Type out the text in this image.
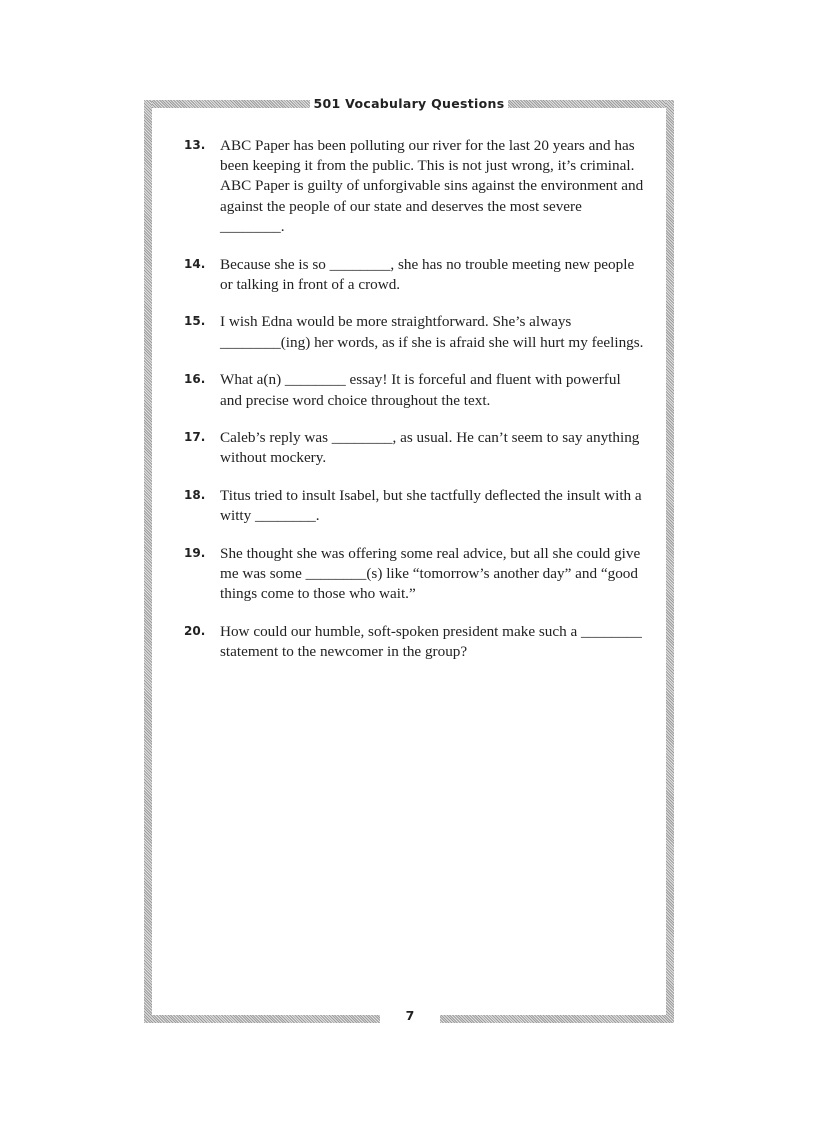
501 Vocabulary Questions
13. ABC Paper has been polluting our river for the last 20 years and has been keeping it from the public. This is not just wrong, it’s criminal. ABC Paper is guilty of unforgivable sins against the environment and against the people of our state and deserves the most severe ________.
14. Because she is so ________, she has no trouble meeting new people or talking in front of a crowd.
15. I wish Edna would be more straightforward. She’s always ________(ing) her words, as if she is afraid she will hurt my feelings.
16. What a(n) ________ essay! It is forceful and fluent with powerful and precise word choice throughout the text.
17. Caleb’s reply was ________, as usual. He can’t seem to say anything without mockery.
18. Titus tried to insult Isabel, but she tactfully deflected the insult with a witty ________.
19. She thought she was offering some real advice, but all she could give me was some ________(s) like “tomorrow’s another day” and “good things come to those who wait.”
20. How could our humble, soft-spoken president make such a ________ statement to the newcomer in the group?
7
